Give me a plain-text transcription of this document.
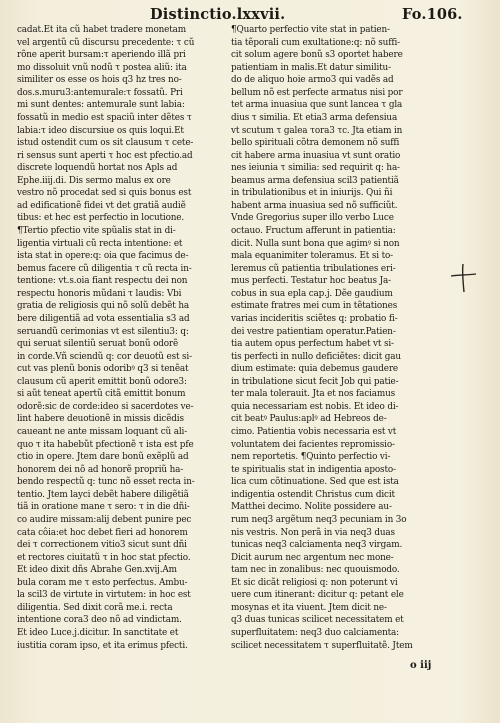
Distinctio.lxxvii.	Fo.106.
cadat.Et ita cũ habet tradere monetam
vel argentũ cũ discursu precedente: τ cũ
rõne aperit bursam:τ aperiendo illã pri
mo dissoluit vnũ nodũ τ postea aliũ: ita
similiter os esse os hois q3 hz tres no-
dos.s.muru3:antemurale:τ fossatũ. Pri
mi sunt dentes: antemurale sunt labia:
fossatũ in medio est spaciũ inter dẽtes τ
labia:τ ideo discursiue os quis loqui.Et
istud ostendit cum os sit clausum τ cete-
ri sensus sunt aperti τ hoc est pfectio.ad
discrete loquendũ hortat nos Apls ad
Ephe.iiij.di. Dis sermo malus ex ore
vestro nõ procedat sed si quis bonus est
ad edificationẽ fidei vt det gratiã audiẽ
tibus: et hec est perfectio in locutione.
¶Tertio pfectio vite spũalis stat in di-
ligentia virtuali cũ recta intentione: et
ista stat in opere:q: oia que facimus de-
bemus facere cũ diligentia τ cũ recta in-
tentione: vt.s.oia fiant respectu dei non
respectu honoris mũdani τ laudis: Vbi
gratia de religiosis qui nõ solũ debẽt ha
bere diligentiã ad vota essentialia s3 ad
seruandũ cerimonias vt est silentiu3: q:
qui seruat silentiũ seruat bonũ odorẽ
in corde.Vñ sciendũ q: cor deuotũ est si-
cut vas plenũ bonis odoribꝰ q3 si tenẽat
clausum cũ aperit emittit bonũ odore3:
si aũt teneat apertũ citã emittit bonum
odorẽ:sic de corde:ideo si sacerdotes ve-
lint habere deuotionẽ in missis dicẽdis
caueant ne ante missam loquant cũ ali-
quo τ ita habebũt pfectionẽ τ ista est pfe
ctio in opere. Jtem dare bonũ exẽplũ ad
honorem dei nõ ad honorẽ propriũ ha-
bendo respectũ q: tunc nõ esset recta in-
tentio. Jtem layci debẽt habere diligẽtiã
tiã in oratione mane τ sero: τ in die dñi-
co audire missam:alij debent punire pec
cata côia:et hoc debet fieri ad honorem
dei τ correctionem vitio3 sicut sunt dñi
et rectores ciuitatũ τ in hoc stat pfectio.
Et ideo dixit dñs Abrahe Gen.xvij.Am
bula coram me τ esto perfectus. Ambu-
la scil3 de virtute in virtutem: in hoc est
diligentia. Sed dixit corã me.i. recta
intentione cora3 deo nõ ad vindictam.
Et ideo Luce.j.dicitur. In sanctitate et
iustitia coram ipso, et ita erimus pfecti.
¶Quarto perfectio vite stat in patien-
tia tẽporali cum exultatione:q: nõ suffi-
cit solum agere bonũ s3 oportet habere
patientiam in malis.Et datur similitu-
do de aliquo hoie armo3 qui vadẽs ad
bellum nõ est perfecte armatus nisi por
tet arma inuasiua que sunt lancea τ gla
dius τ similia. Et etia3 arma defensiua
vt scutum τ galea τora3 τc. Jta etiam in
bello spirituali cõtra demonem nõ suffi
cit habere arma inuasiua vt sunt oratio
nes ieiunia τ similia: sed requirit q: ha-
beamus arma defensiua scil3 patientiã
in tribulationibus et in iniurijs. Qui ñi
habent arma inuasiua sed nõ sufficiũt.
Vnde Gregorius super illo verbo Luce
octauo. Fructum afferunt in patientia:
dicit. Nulla sunt bona que agimꝰ si non
mala equanimiter toleramus. Et si to-
leremus cũ patientia tribulationes eri-
mus perfecti. Testatur hoc beatus Ja-
cobus in sua epla cap.j. Dẽe gaudium
estimate fratres mei cum in tẽtationes
varias incideritis sciẽtes q: probatio fi-
dei vestre patientiam operatur.Patien-
tia autem opus perfectum habet vt si-
tis perfecti in nullo deficiẽtes: dicit gau
dium estimate: quia debemus gaudere
in tribulatione sicut fecit Job qui patie-
ter mala tolerauit. Jta et nos faciamus
quia necessariam est nobis. Et ideo di-
cit beatꝰ Paulus:aplꝰ ad Hebreos de-
cimo. Patientia vobis necessaria est vt
voluntatem dei facientes repromissio-
nem reportetis. ¶Quinto perfectio vi-
te spiritualis stat in indigentia aposto-
lica cum cõtinuatione. Sed que est ista
indigentia ostendit Christus cum dicit
Matthei decimo. Nolite possidere au-
rum neq3 argẽtum neq3 pecuniam in 3o
nis vestris. Non perã in via neq3 duas
tunicas neq3 calciamenta neq3 virgam.
Dicit aurum nec argentum nec mone-
tam nec in zonalibus: nec quouismodo.
Et sic dicãt religiosi q: non poterunt vi
uere cum itinerant: dicitur q: petant ele
mosynas et ita viuent. Jtem dicit ne-
q3 duas tunicas scilicet necessitatem et
superfluitatem: neq3 duo calciamenta:
scilicet necessitatem τ superfluitatẽ. Jtem
o iij
